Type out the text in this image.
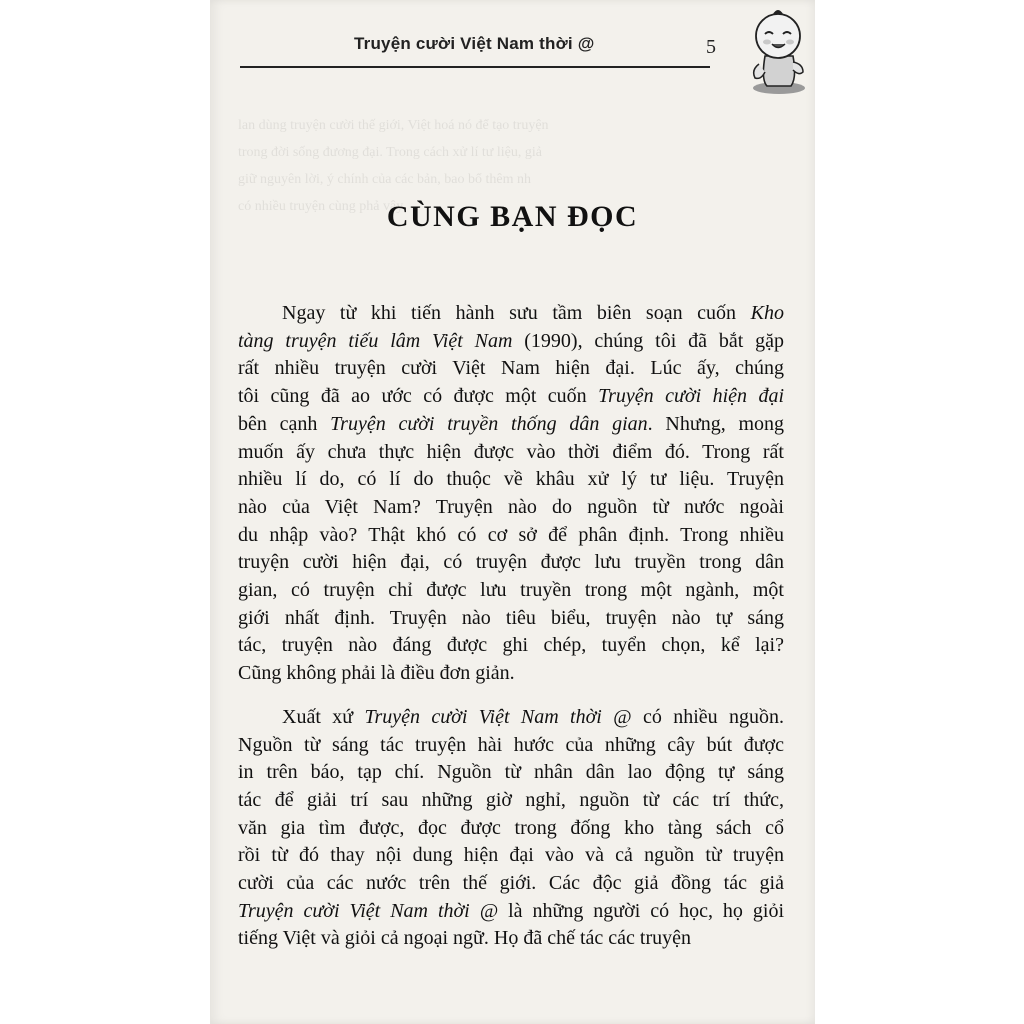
Truyện cười Việt Nam thời @	5
lan dùng truyện cười thế giới, Việt hoá nó để tạo truyện
trong đời sống đương đại. Trong cách xử lí tư liệu, giả
giữ nguyên lời, ý chính của các bản, bao bổ thêm nh
có nhiều truyện cùng phả vây
CÙNG BẠN ĐỌC
Ngay từ khi tiến hành sưu tầm biên soạn cuốn Kho
tàng truyện tiếu lâm Việt Nam (1990), chúng tôi đã bắt gặp
rất nhiều truyện cười Việt Nam hiện đại. Lúc ấy, chúng
tôi cũng đã ao ước có được một cuốn Truyện cười hiện đại
bên cạnh Truyện cười truyền thống dân gian. Nhưng, mong
muốn ấy chưa thực hiện được vào thời điểm đó. Trong rất
nhiều lí do, có lí do thuộc về khâu xử lý tư liệu. Truyện
nào của Việt Nam? Truyện nào do nguồn từ nước ngoài
du nhập vào? Thật khó có cơ sở để phân định. Trong nhiều
truyện cười hiện đại, có truyện được lưu truyền trong dân
gian, có truyện chỉ được lưu truyền trong một ngành, một
giới nhất định. Truyện nào tiêu biểu, truyện nào tự sáng
tác, truyện nào đáng được ghi chép, tuyển chọn, kể lại?
Cũng không phải là điều đơn giản.
Xuất xứ Truyện cười Việt Nam thời @ có nhiều nguồn.
Nguồn từ sáng tác truyện hài hước của những cây bút được
in trên báo, tạp chí. Nguồn từ nhân dân lao động tự sáng
tác để giải trí sau những giờ nghỉ, nguồn từ các trí thức,
văn gia tìm được, đọc được trong đống kho tàng sách cổ
rồi từ đó thay nội dung hiện đại vào và cả nguồn từ truyện
cười của các nước trên thế giới. Các độc giả đồng tác giả
Truyện cười Việt Nam thời @ là những người có học, họ giỏi
tiếng Việt và giỏi cả ngoại ngữ. Họ đã chế tác các truyện
